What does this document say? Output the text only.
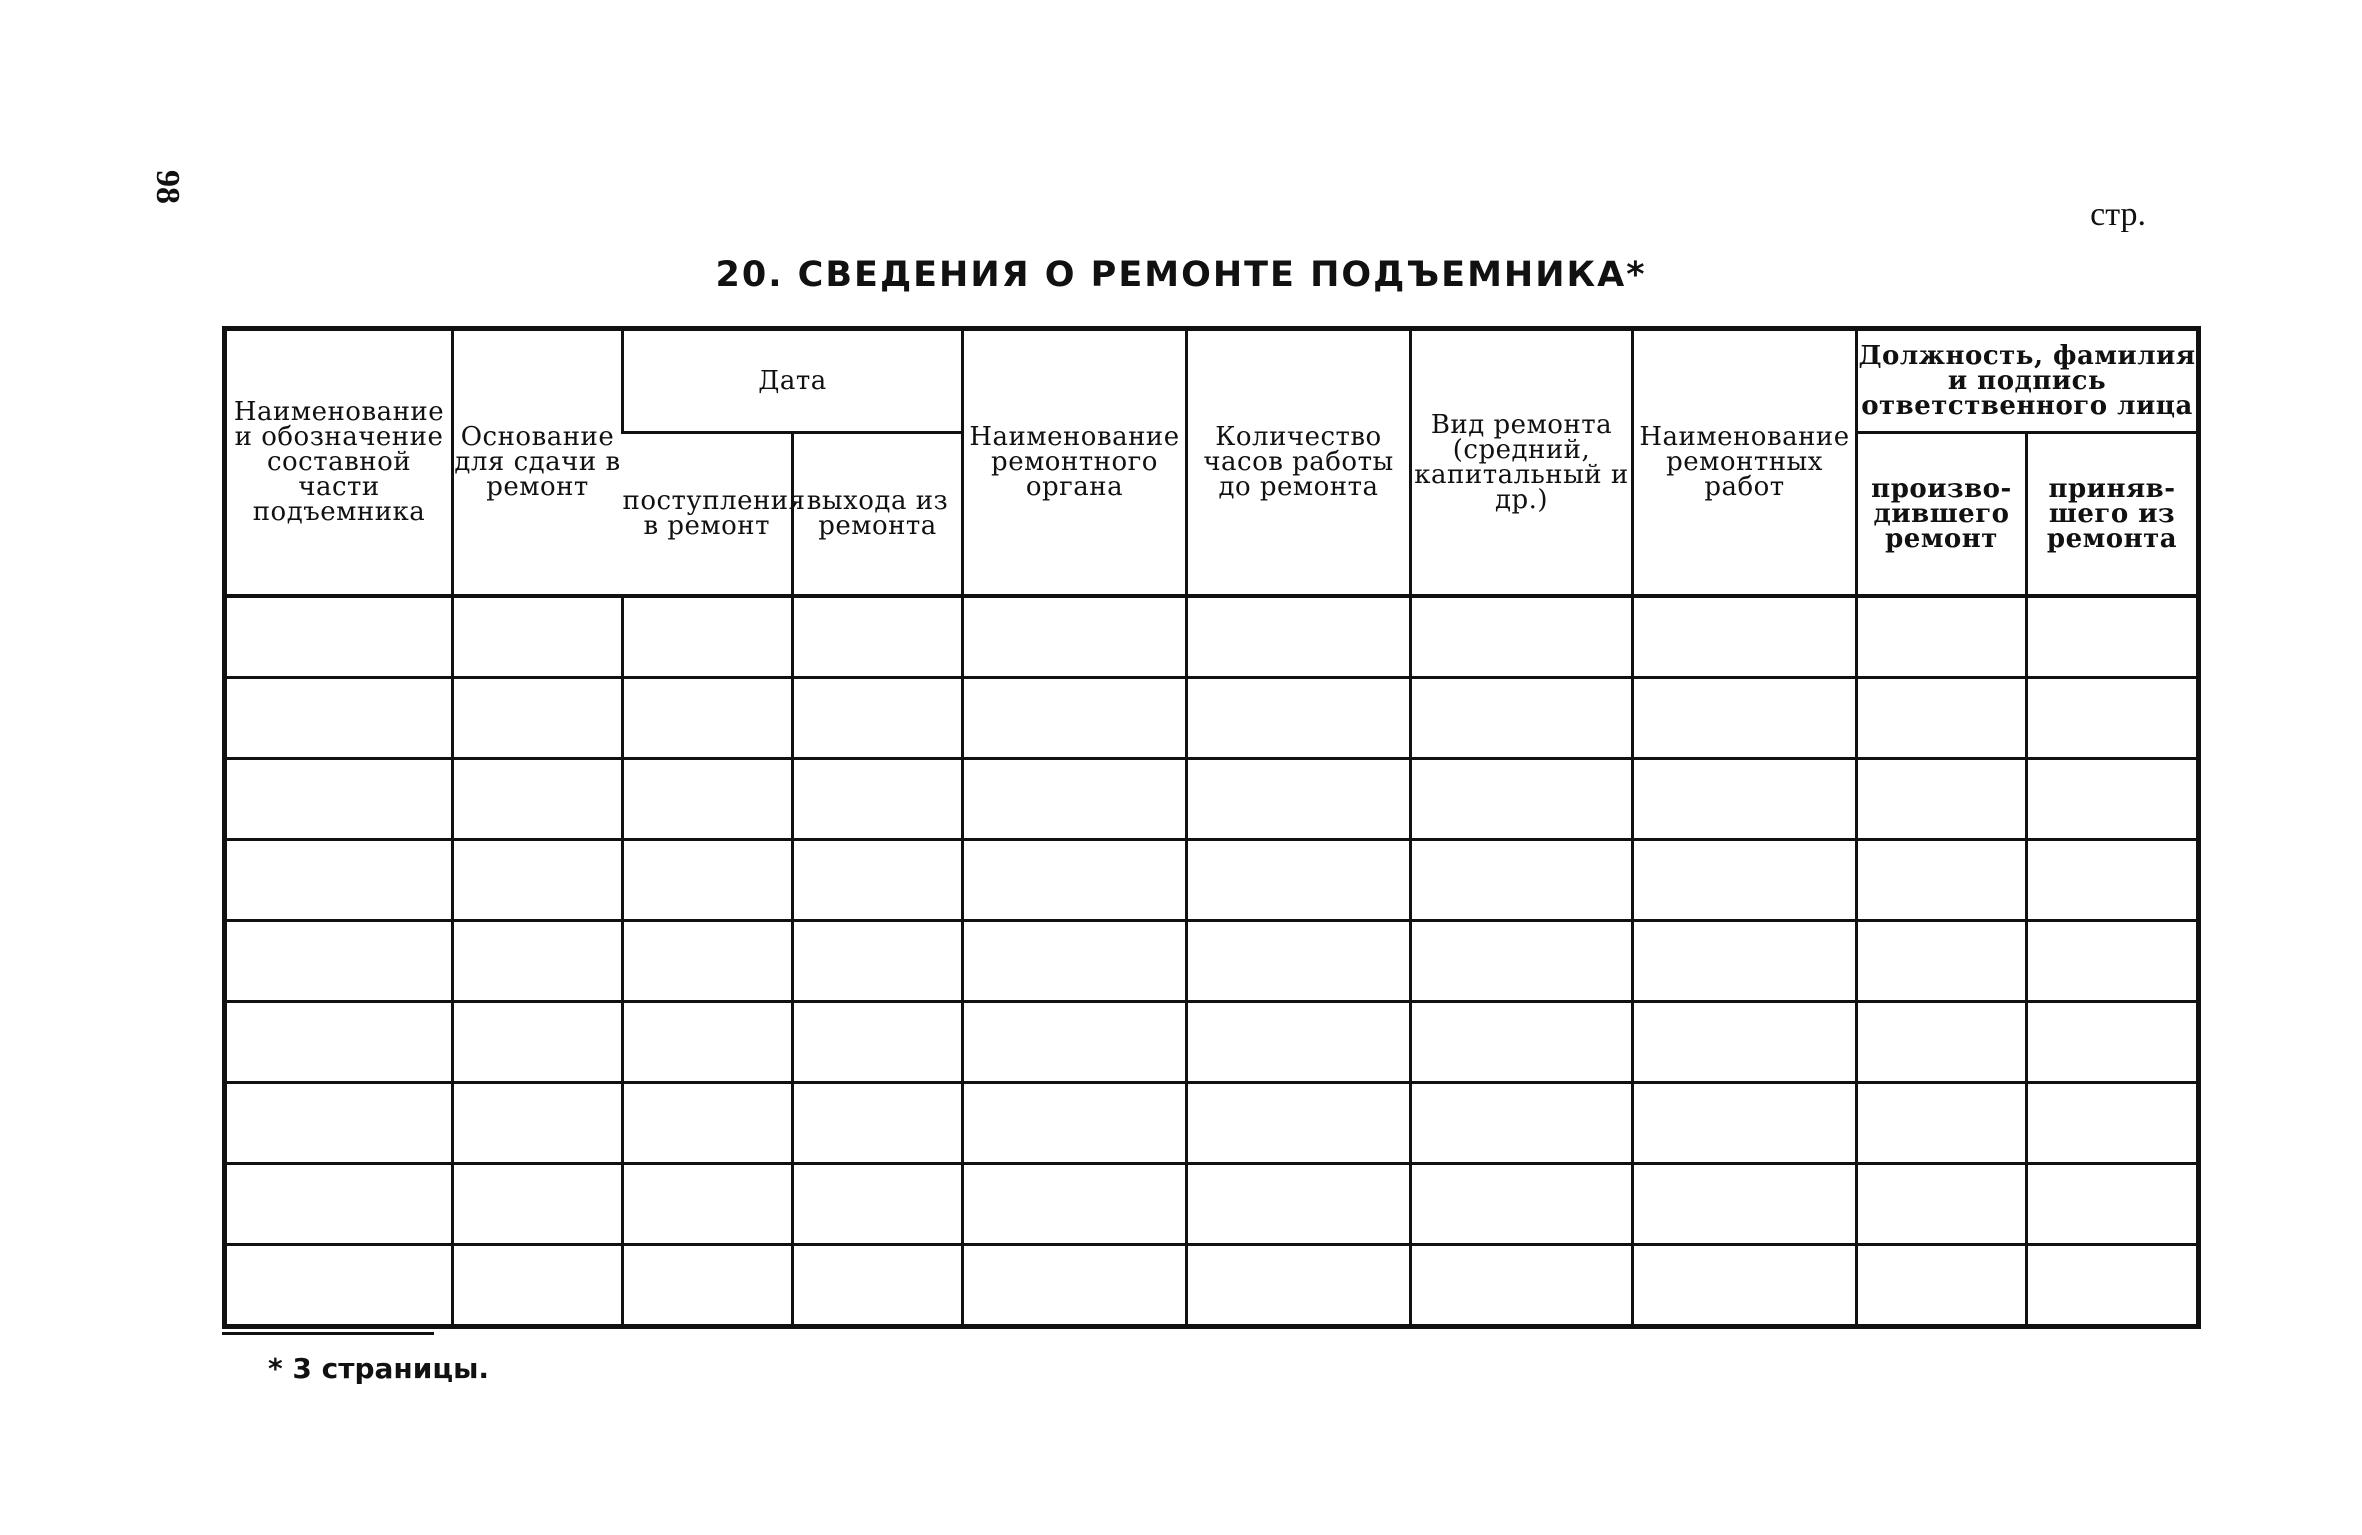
98
стр.
20. СВЕДЕНИЯ О РЕМОНТЕ ПОДЪЕМНИКА*
Наименование и обозначение составной части подъемника	Основание для сдачи в ремонт	Дата		Наименование ремонтного органа	Количество часов работы до ремонта	Вид ремонта (средний, капитальный и др.)	Наименование ремонтных работ	Должность, фамилия и подпись ответственного лица	
		поступления в ремонт	выхода из ремонта					произво-дившего ремонт	приняв-шего из ремонта

* 3 страницы.
